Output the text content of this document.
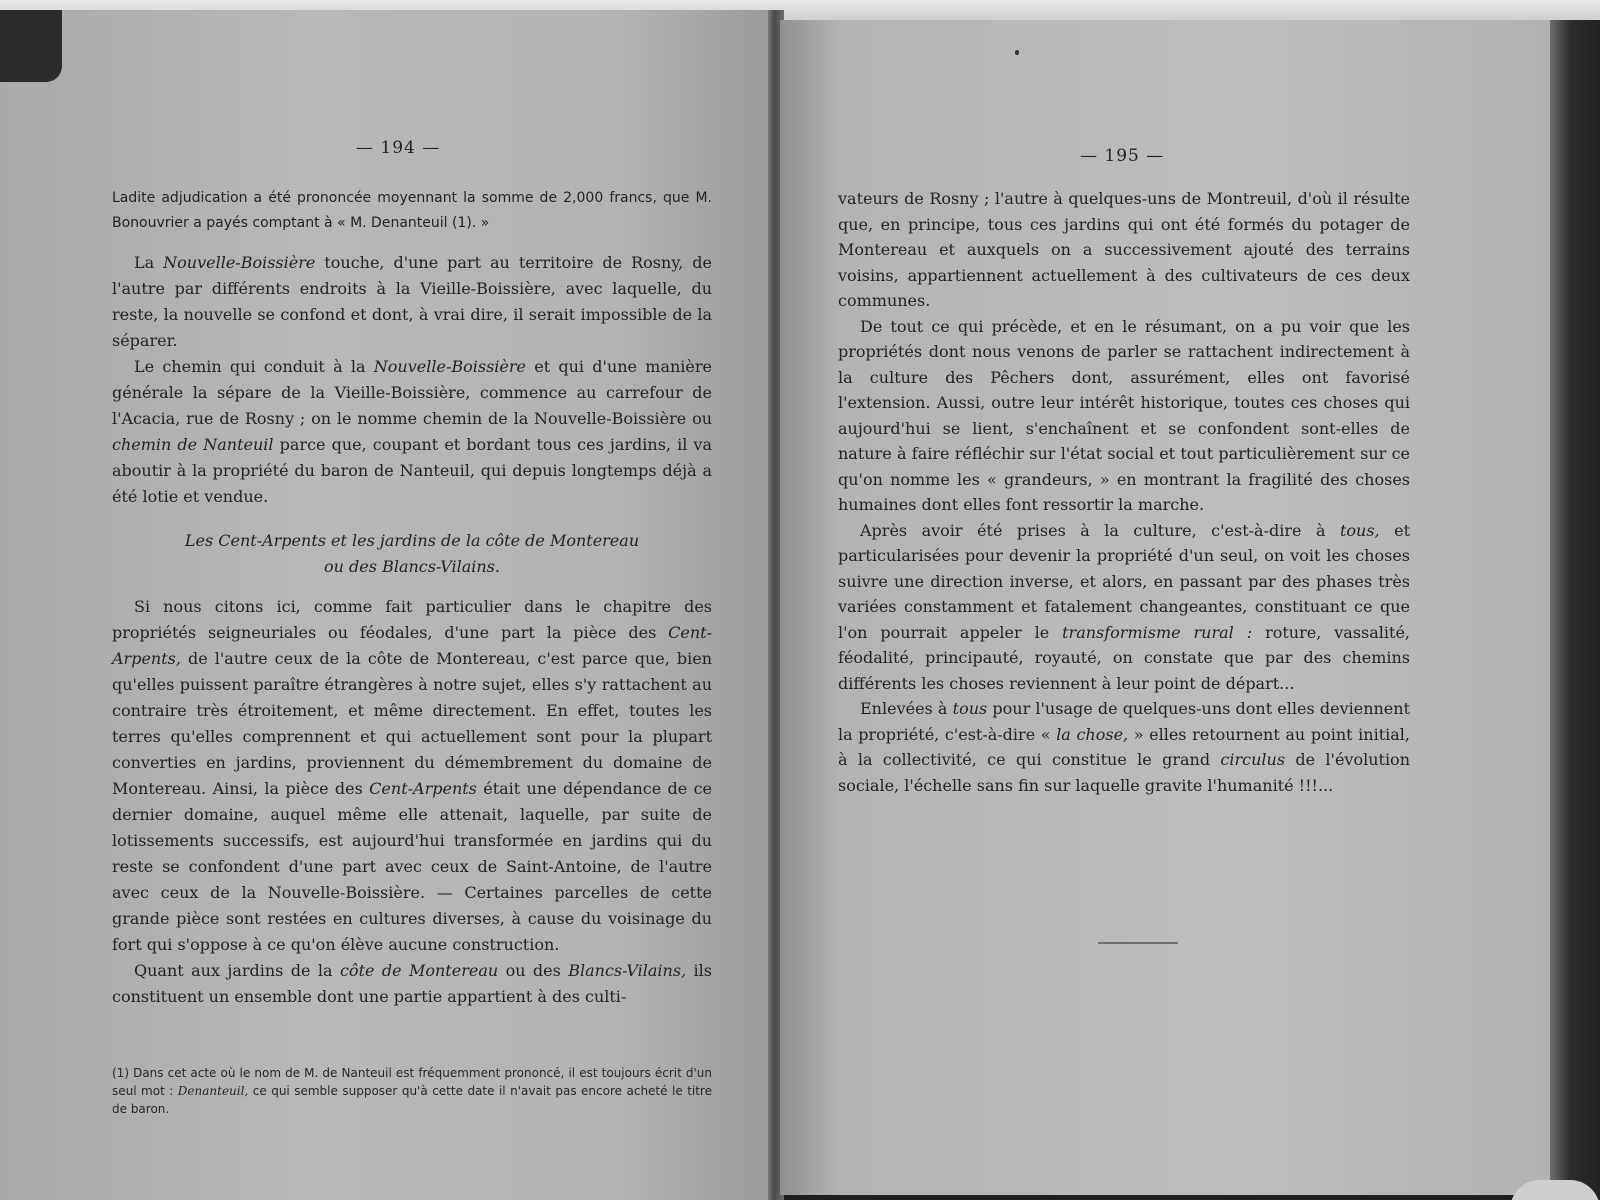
— 194 —

Ladite adjudication a été prononcée moyennant la somme de 2,000 francs, que M. Bonouvrier a payés comptant à « M. Denanteuil (1). »

La Nouvelle-Boissière touche, d'une part au territoire de Rosny, de l'autre par différents endroits à la Vieille-Boissière, avec laquelle, du reste, la nouvelle se confond et dont, à vrai dire, il serait impossible de la séparer.

Le chemin qui conduit à la Nouvelle-Boissière et qui d'une manière générale la sépare de la Vieille-Boissière, commence au carrefour de l'Acacia, rue de Rosny ; on le nomme chemin de la Nouvelle-Boissière ou chemin de Nanteuil parce que, coupant et bordant tous ces jardins, il va aboutir à la propriété du baron de Nanteuil, qui depuis longtemps déjà a été lotie et vendue.

Les Cent-Arpents et les jardins de la côte de Montereau
ou des Blancs-Vilains.

Si nous citons ici, comme fait particulier dans le chapitre des propriétés seigneuriales ou féodales, d'une part la pièce des Cent-Arpents, de l'autre ceux de la côte de Montereau, c'est parce que, bien qu'elles puissent paraître étrangères à notre sujet, elles s'y rattachent au contraire très étroitement, et même directement. En effet, toutes les terres qu'elles comprennent et qui actuellement sont pour la plupart converties en jardins, proviennent du démembrement du domaine de Montereau. Ainsi, la pièce des Cent-Arpents était une dépendance de ce dernier domaine, auquel même elle attenait, laquelle, par suite de lotissements successifs, est aujourd'hui transformée en jardins qui du reste se confondent d'une part avec ceux de Saint-Antoine, de l'autre avec ceux de la Nouvelle-Boissière. — Certaines parcelles de cette grande pièce sont restées en cultures diverses, à cause du voisinage du fort qui s'oppose à ce qu'on élève aucune construction.

Quant aux jardins de la côte de Montereau ou des Blancs-Vilains, ils constituent un ensemble dont une partie appartient à des culti-

(1) Dans cet acte où le nom de M. de Nanteuil est fréquemment prononcé, il est toujours écrit d'un seul mot : Denanteuil, ce qui semble supposer qu'à cette date il n'avait pas encore acheté le titre de baron.
— 195 —

vateurs de Rosny ; l'autre à quelques-uns de Montreuil, d'où il résulte que, en principe, tous ces jardins qui ont été formés du potager de Montereau et auxquels on a successivement ajouté des terrains voisins, appartiennent actuellement à des cultivateurs de ces deux communes.

De tout ce qui précède, et en le résumant, on a pu voir que les propriétés dont nous venons de parler se rattachent indirectement à la culture des Pêchers dont, assurément, elles ont favorisé l'extension. Aussi, outre leur intérêt historique, toutes ces choses qui aujourd'hui se lient, s'enchaînent et se confondent sont-elles de nature à faire réfléchir sur l'état social et tout particulièrement sur ce qu'on nomme les « grandeurs, » en montrant la fragilité des choses humaines dont elles font ressortir la marche.

Après avoir été prises à la culture, c'est-à-dire à tous, et particularisées pour devenir la propriété d'un seul, on voit les choses suivre une direction inverse, et alors, en passant par des phases très variées constamment et fatalement changeantes, constituant ce que l'on pourrait appeler le transformisme rural : roture, vassalité, féodalité, principauté, royauté, on constate que par des chemins différents les choses reviennent à leur point de départ...

Enlevées à tous pour l'usage de quelques-uns dont elles deviennent la propriété, c'est-à-dire « la chose, » elles retournent au point initial, à la collectivité, ce qui constitue le grand circulus de l'évolution sociale, l'échelle sans fin sur laquelle gravite l'humanité !!!...
